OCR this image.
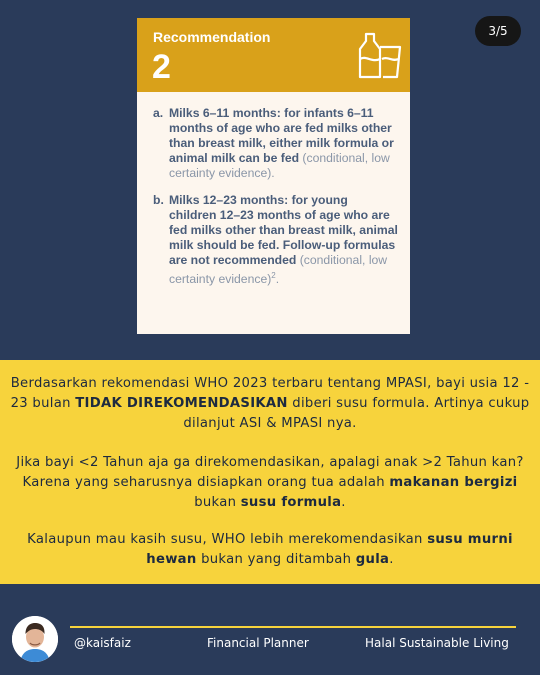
3/5
Recommendation
2
a. Milks 6–11 months: for infants 6–11 months of age who are fed milks other than breast milk, either milk formula or animal milk can be fed (conditional, low certainty evidence).
b. Milks 12–23 months: for young children 12–23 months of age who are fed milks other than breast milk, animal milk should be fed. Follow-up formulas are not recommended (conditional, low certainty evidence)$^2$.

Berdasarkan rekomendasi WHO 2023 terbaru tentang MPASI, bayi usia 12 - 23 bulan TIDAK DIREKOMENDASIKAN diberi susu formula. Artinya cukup dilanjut ASI & MPASI nya.

Jika bayi <2 Tahun aja ga direkomendasikan, apalagi anak >2 Tahun kan? Karena yang seharusnya disiapkan orang tua adalah makanan bergizi bukan susu formula.

Kalaupun mau kasih susu, WHO lebih merekomendasikan susu murni hewan bukan yang ditambah gula.

@kaisfaiz	Financial Planner	Halal Sustainable Living
